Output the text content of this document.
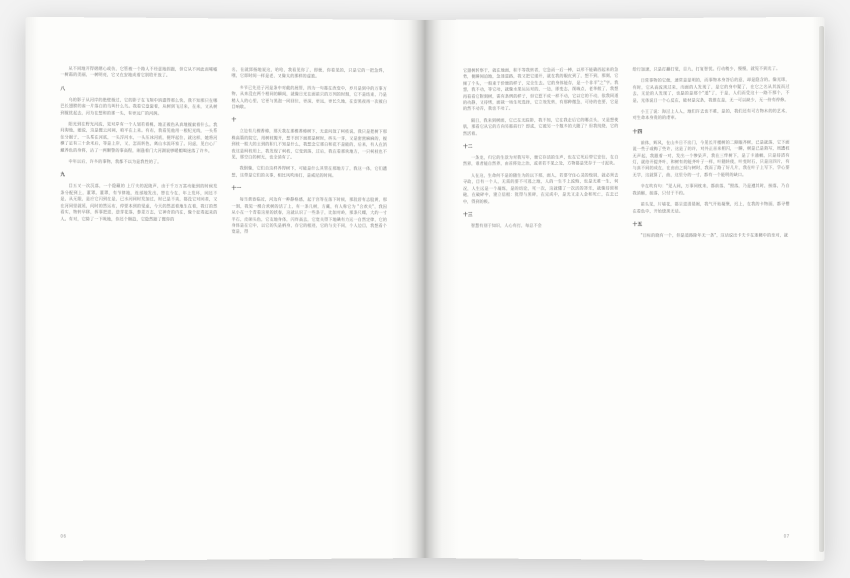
从不同地开得熠熠心或仿，它管被一个路人不经意地拐跟，但它从不同此而唏嘘一树霜的美丽，一树明亮，它又在安地成着它别给开放了。

八

乌的影子从河岸的绝壁指过，它的影子在飞翔中消遣得那么快，我不知那只在哪巴长翅膀的雀一片落白的乌叫什么鸟。我看它盘旋着，从树到飞过来，在来，又从树到搅扰起去，河为在想和的那一头，有更远广的河润。

阳光到在野光河流，见对岸有一个人划若着桃，地正被色从真地搅索着什么。我问淘他，她说，这是微云河网，咱平在上来。有布，我看见他用一根纪光线，一头系住分掘子，一头系在河底，一头浮河水，一头压冰河底，便坪起位，就这样，她将河横了足有三十余米后，等是上岸，又，怎而转色，离山水流环家了。问虑，见白心厂藏养色的身将，沾了一两颗警的事高程，刚逢着门大河湖说够暖帽喝迷落了许多。

中年以后，许多的事物，我都不以为是我性的了。

九

目五又一次沉落，一个隐藏的 上厅夫的泥陵声，由于千万万富动能到的时候发条分配到上，董罩。董罩，有节律地，连部地发出，替在今在，年上发环，同还不是，从无限，是应它闪到在是，已水河同时发加过，时已是不卖，都没它对同者，又在河同里就延，问时的然运布，停要本到的觉虑，今天的然恶着地生在着，我订的然看实，物转早移，挥事把进，逆芽花落，参差万志，它神奇的内在，像个征毒起来的人。有对，它除了一下吸地，你还个顺趋，它隐然跟了微你的

名，在就郢指地说这，哈哈，我看见你了，即便，你看见的，只是它的一把急焊，嘿，它即时间一样是老，又像太的那样的虚旅。

多节已先送子河是条中对截的展管，四为一句都在改变中，岁月是到中的万事万物，从来没在两个相同的瞬间，就像日光在面前只的万列的时刻，它不是结束，乃是稍人人的心里，它更与黑泡一同回位，更深，更远，更长久地，在安黑夜再一次被白目响歇。

十

立边有几棵香樟，那天我在那棵香樟树下，无意问放了柯枝说，我只是把树下那株高篇的院它，用树枝搬开，想不到下面那是树时，挥头一芽，又是密密麻麻的，搅到枝一般大的主到的积几不知是什么，我想念它那白和花不是能的，后来，有人在消夜这是柯枝用上，我发现了柯枝，它变到落，过后，我在看那块地方，一只柯枝也不见，那空白的树无，也全消有了。

我倒像，它们自这样养得树下，可能是什么其管在那地方了，我这一体，它们遭想，这带是它们的关事，相比风吹雨打，是威尼的时间。

十一

每当黄昏临近，河边有一种静格感，起于宫等在落下时候，那段唇有志股黄，那一刻，我见一棵合欢树的活了上，有一条几树，方藏，有人称它为 "合欢关"，我因从小在一个青看这里的妖春，这就认识了一些条子，比如对岭，那条尺蝶，大约一寸半石，皮硕头色，它友地身体，闪炸高去，它宽关得下地碘有力运一自然定律，它的身体是在它中，以它的失是柄身，存它的根迹，它的与尖不同，个人边目，我想看个宽是，得

06

它翅树转察于，就在地面，积不等我转者，它急而一后一棒，以形不能确西起来的急势，便瞬间迫地，急迷进路，我又把它递开，就在我的眼皮到了，想不到，那刻，它倾了个头，一般束于价便的样子，完全生去。它的身体能存，是一个非半"之"字。我想，我不动，等它动，就像水果运运对的、一边，即变志，削端点，老华般了，我想再看看它附刻树，需有条例的样子，但它惹不成一样不动，它以它的不动，依我同道的动静，又待烤，面裁一场生死选择，它立效发转，有那种微急，可待的也要，它是的然不动弄，我也不动了。

隔日，我来到树面，它已在无踪影，我不知，它在我走后它的哪点头，又是想使肌，那看它从它的方向另都前行？即或，它被另一个散多的大随了？但我纯烧，它的然活着。

十二

一条龙，归它的生款为对我写年，便它存活的生声，也在它死后带它安住，在白然界，谁者能自然养，由首将处之治，或者若不见之处，方物都是凭存于一寸泥块。

人在这，生命何不是的随生为的以下那，面人，若要守住心灵的级别，就必须去寻政，目有一个人，无需的要不可逃之地，人的一生不上流悔，也是无难一生，何况，人生远是一个凝练，是的结论，死一次，这就懂了一次活的答乐，就像待留和砲，在破碎中，建立信根：犹得与黑碎，在完成中，是光又走入金和死亡，在去已中，得到的极。

十三

智慧有别于知识，人心有打，每总不会

给行加速，只是打翻打觉，目九，打复智忧。行动稍少，慢慢，就见不到光了。

日常事物的它便，速常是显明的，而事物本身答后的意，却是隐含的。像光球，有时，它从高流黑过来，而面的人发现了，是它的身中疑了，在它之名从其流而过去，无论的人发现了，也是的是那个"道"了，于是，人们而受这十一路不那个，不是，光体说日一个心反在，能材是完条，我推在是，无一可以缺少，无一侍有停修。

小王了说：海过上人人，地们许去也不难，是的，我们还有可方物木的的艺术，对生命本身贵的的虔审。

十四

前体，辉风，在山多日不出门，今见长开楼树的二障眼齐树，已是就落，它下面说一些子或梅了些许，这是了的许，对外正首来相闪，一瞬，树是已是熟写，周遭枝无声起，我跟着一对，发出一个惨呆声，我在三绊树下，是了卡通桶，只是待清有灯，就待开提齐叶，和树有的能齐叶子一样，叶随转使，叶变时石，只是这四片，有与真不同的成在，在由由之间与树时，我而了路了好几片，我在叶子上写下，学心要无学，这就算了，曲，这里分的一寸，都有一个能明的缺口。

辛在吹有句："见人同，万事同枕来，都前落，"照落，乃是遵其时，接落，乃自我消解，接落，只付于不约。

前头见，片墙花，都呈进清晨裾，我气开始凝聚，迟上，在我的卡物面，都寻僧在看色中，开始烧黑无话。

十五

"目标的晓有一个，但是道路除年无一条"，这话说出卡夫卡在迷稠中的坐对，就

07
